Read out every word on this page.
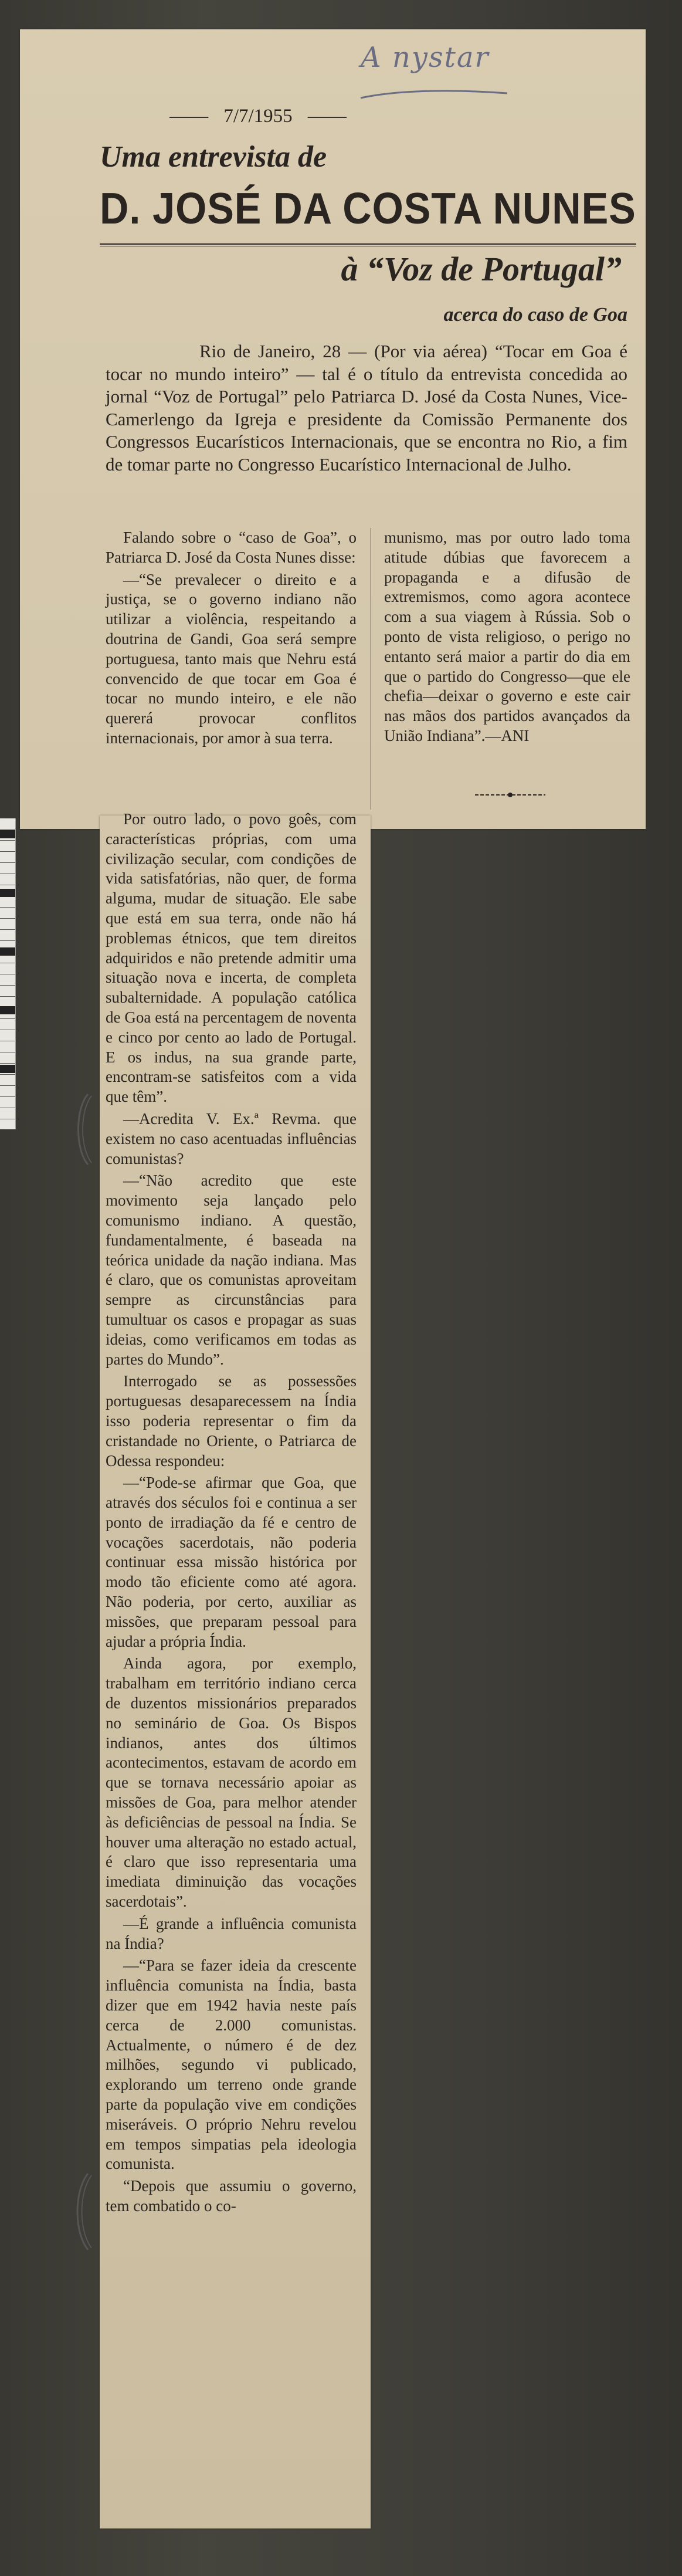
A nystar
—— 7/7/1955 ——
Uma entrevista de
D. JOSÉ DA COSTA NUNES
à “Voz de Portugal”
acerca do caso de Goa
Rio de Janeiro, 28 — (Por via aérea) “Tocar em Goa é tocar no mundo inteiro” — tal é o título da entrevista concedida ao jornal “Voz de Portugal” pelo Patriarca D. José da Costa Nunes, Vice-Camerlengo da Igreja e presidente da Comissão Permanente dos Congressos Eucarísticos Internacionais, que se encontra no Rio, a fim de tomar parte no Congresso Eucarístico Internacional de Julho.

Falando sobre o “caso de Goa”, o Patriarca D. José da Costa Nunes disse:

—“Se prevalecer o direito e a justiça, se o governo indiano não utilizar a violência, respeitando a doutrina de Gandi, Goa será sempre portuguesa, tanto mais que Nehru está convencido de que tocar em Goa é tocar no mundo inteiro, e ele não quererá provocar conflitos internacionais, por amor à sua terra.

munismo, mas por outro lado toma atitude dúbias que favorecem a propaganda e a difusão de extremismos, como agora acontece com a sua viagem à Rússia. Sob o ponto de vista religioso, o perigo no entanto será maior a partir do dia em que o partido do Congresso—que ele chefia—deixar o governo e este cair nas mãos dos partidos avançados da União Indiana”.—ANI

Por outro lado, o povo goês, com características próprias, com uma civilização secular, com condições de vida satisfatórias, não quer, de forma alguma, mudar de situação. Ele sabe que está em sua terra, onde não há problemas étnicos, que tem direitos adquiridos e não pretende admitir uma situação nova e incerta, de completa subalternidade. A população católica de Goa está na percentagem de noventa e cinco por cento ao lado de Portugal. E os indus, na sua grande parte, encontram-se satisfeitos com a vida que têm”.

—Acredita V. Ex.ª Revma. que existem no caso acentuadas influências comunistas?

—“Não acredito que este movimento seja lançado pelo comunismo indiano. A questão, fundamentalmente, é baseada na teórica unidade da nação indiana. Mas é claro, que os comunistas aproveitam sempre as circunstâncias para tumultuar os casos e propagar as suas ideias, como verificamos em todas as partes do Mundo”.

Interrogado se as possessões portuguesas desaparecessem na Índia isso poderia representar o fim da cristandade no Oriente, o Patriarca de Odessa respondeu:

—“Pode-se afirmar que Goa, que através dos séculos foi e continua a ser ponto de irradiação da fé e centro de vocações sacerdotais, não poderia continuar essa missão histórica por modo tão eficiente como até agora. Não poderia, por certo, auxiliar as missões, que preparam pessoal para ajudar a própria Índia.

Ainda agora, por exemplo, trabalham em território indiano cerca de duzentos missionários preparados no seminário de Goa. Os Bispos indianos, antes dos últimos acontecimentos, estavam de acordo em que se tornava necessário apoiar as missões de Goa, para melhor atender às deficiências de pessoal na Índia. Se houver uma alteração no estado actual, é claro que isso representaria uma imediata diminuição das vocações sacerdotais”.

—É grande a influência comunista na Índia?

—“Para se fazer ideia da crescente influência comunista na Índia, basta dizer que em 1942 havia neste país cerca de 2.000 comunistas. Actualmente, o número é de dez milhões, segundo vi publicado, explorando um terreno onde grande parte da população vive em condições miseráveis. O próprio Nehru revelou em tempos simpatias pela ideologia comunista.

“Depois que assumiu o governo, tem combatido o co-
